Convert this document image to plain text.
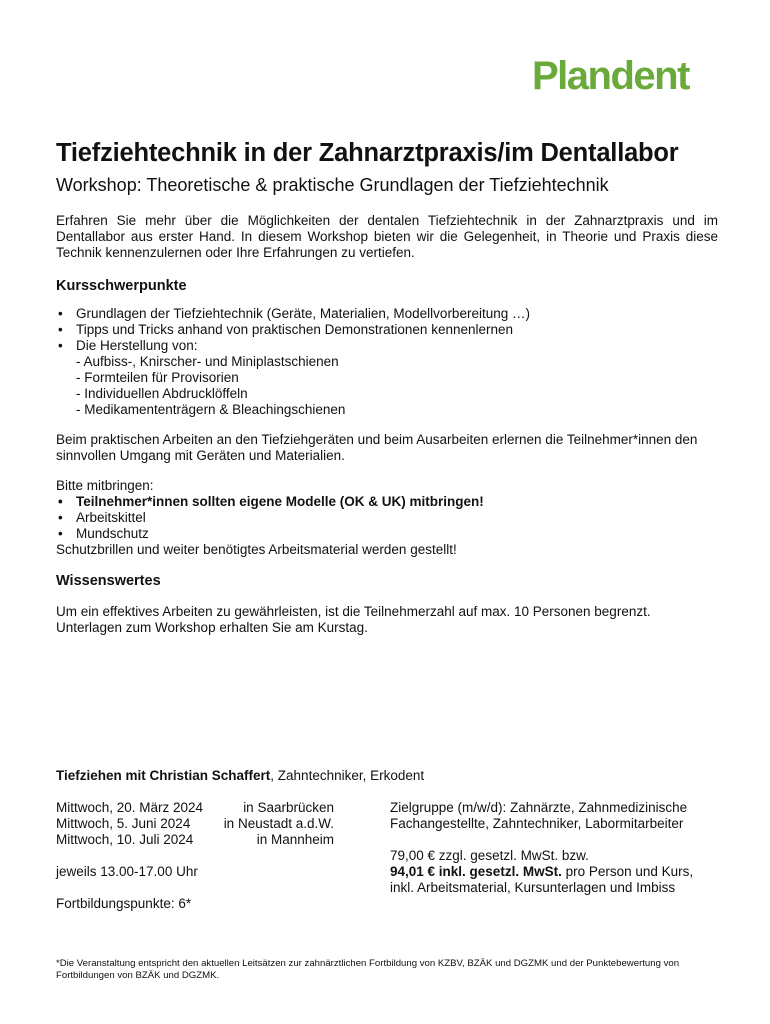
Plandent
Tiefziehtechnik in der Zahnarztpraxis/im Dentallabor
Workshop: Theoretische & praktische Grundlagen der Tiefziehtechnik

Erfahren Sie mehr über die Möglichkeiten der dentalen Tiefziehtechnik in der Zahnarztpraxis und im Dentallabor aus erster Hand. In diesem Workshop bieten wir die Gelegenheit, in Theorie und Praxis diese Technik kennenzulernen oder Ihre Erfahrungen zu vertiefen.

Kursschwerpunkte
• Grundlagen der Tiefziehtechnik (Geräte, Materialien, Modellvorbereitung …)
• Tipps und Tricks anhand von praktischen Demonstrationen kennenlernen
• Die Herstellung von:
- Aufbiss-, Knirscher- und Miniplastschienen
- Formteilen für Provisorien
- Individuellen Abdrucklöffeln
- Medikamententrägern & Bleachingschienen

Beim praktischen Arbeiten an den Tiefziehgeräten und beim Ausarbeiten erlernen die Teilnehmer*innen den sinnvollen Umgang mit Geräten und Materialien.

Bitte mitbringen:

• Teilnehmer*innen sollten eigene Modelle (OK & UK) mitbringen!
• Arbeitskittel
• Mundschutz

Schutzbrillen und weiter benötigtes Arbeitsmaterial werden gestellt!

Wissenswertes

Um ein effektives Arbeiten zu gewährleisten, ist die Teilnehmerzahl auf max. 10 Personen begrenzt.

Unterlagen zum Workshop erhalten Sie am Kurstag.

Tiefziehen mit Christian Schaffert, Zahntechniker, Erkodent
Mittwoch, 20. März 2024	in Saarbrücken
Mittwoch, 5. Juni 2024 in Neustadt a.d.W.
Mittwoch, 10. Juli 2024	in Mannheim
jeweils 13.00-17.00 Uhr
Fortbildungspunkte: 6*
Zielgruppe (m/w/d): Zahnärzte, Zahnmedizinische Fachangestellte, Zahntechniker, Labormitarbeiter
79,00 € zzgl. gesetzl. MwSt. bzw.
94,01 € inkl. gesetzl. MwSt. pro Person und Kurs, inkl. Arbeitsmaterial, Kursunterlagen und Imbiss
*Die Veranstaltung entspricht den aktuellen Leitsätzen zur zahnärztlichen Fortbildung von KZBV, BZÄK und DGZMK und der Punktebewertung von Fortbildungen von BZÄK und DGZMK.
